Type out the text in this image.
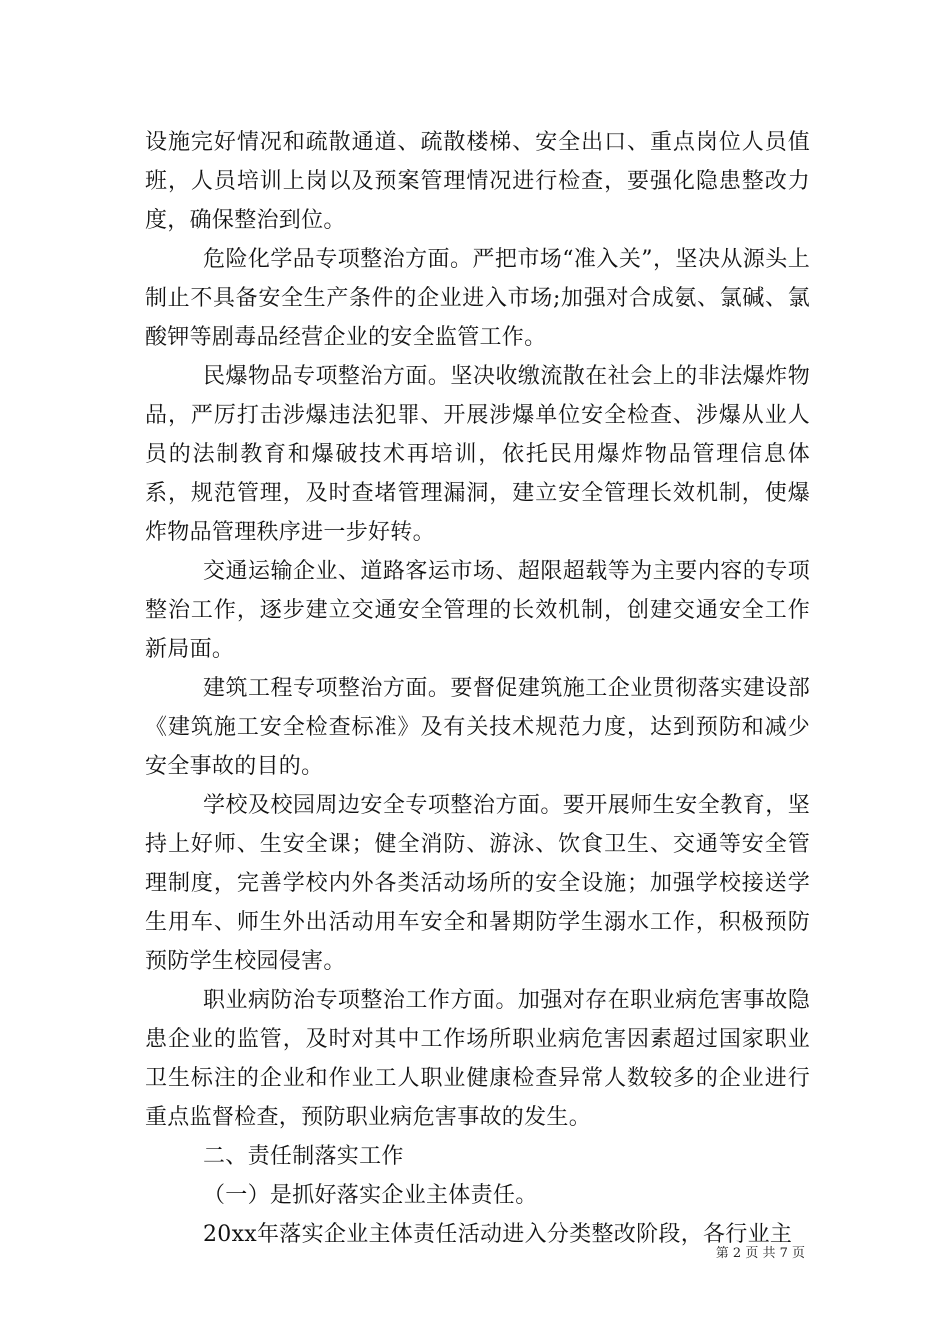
设施完好情况和疏散通道、疏散楼梯、安全出口、重点岗位人员值班，人员培训上岗以及预案管理情况进行检查，要强化隐患整改力度，确保整治到位。

危险化学品专项整治方面。严把市场“准入关”，坚决从源头上制止不具备安全生产条件的企业进入市场;加强对合成氨、氯碱、氯酸钾等剧毒品经营企业的安全监管工作。

民爆物品专项整治方面。坚决收缴流散在社会上的非法爆炸物品，严厉打击涉爆违法犯罪、开展涉爆单位安全检查、涉爆从业人员的法制教育和爆破技术再培训，依托民用爆炸物品管理信息体系，规范管理，及时查堵管理漏洞，建立安全管理长效机制，使爆炸物品管理秩序进一步好转。

交通运输企业、道路客运市场、超限超载等为主要内容的专项整治工作，逐步建立交通安全管理的长效机制，创建交通安全工作新局面。

建筑工程专项整治方面。要督促建筑施工企业贯彻落实建设部《建筑施工安全检查标准》及有关技术规范力度，达到预防和减少安全事故的目的。

学校及校园周边安全专项整治方面。要开展师生安全教育，坚持上好师、生安全课；健全消防、游泳、饮食卫生、交通等安全管理制度，完善学校内外各类活动场所的安全设施；加强学校接送学生用车、师生外出活动用车安全和暑期防学生溺水工作，积极预防预防学生校园侵害。

职业病防治专项整治工作方面。加强对存在职业病危害事故隐患企业的监管，及时对其中工作场所职业病危害因素超过国家职业卫生标注的企业和作业工人职业健康检查异常人数较多的企业进行重点监督检查，预防职业病危害事故的发生。

二、责任制落实工作

（一）是抓好落实企业主体责任。

20xx年落实企业主体责任活动进入分类整改阶段，各行业主

第 2 页 共 7 页
